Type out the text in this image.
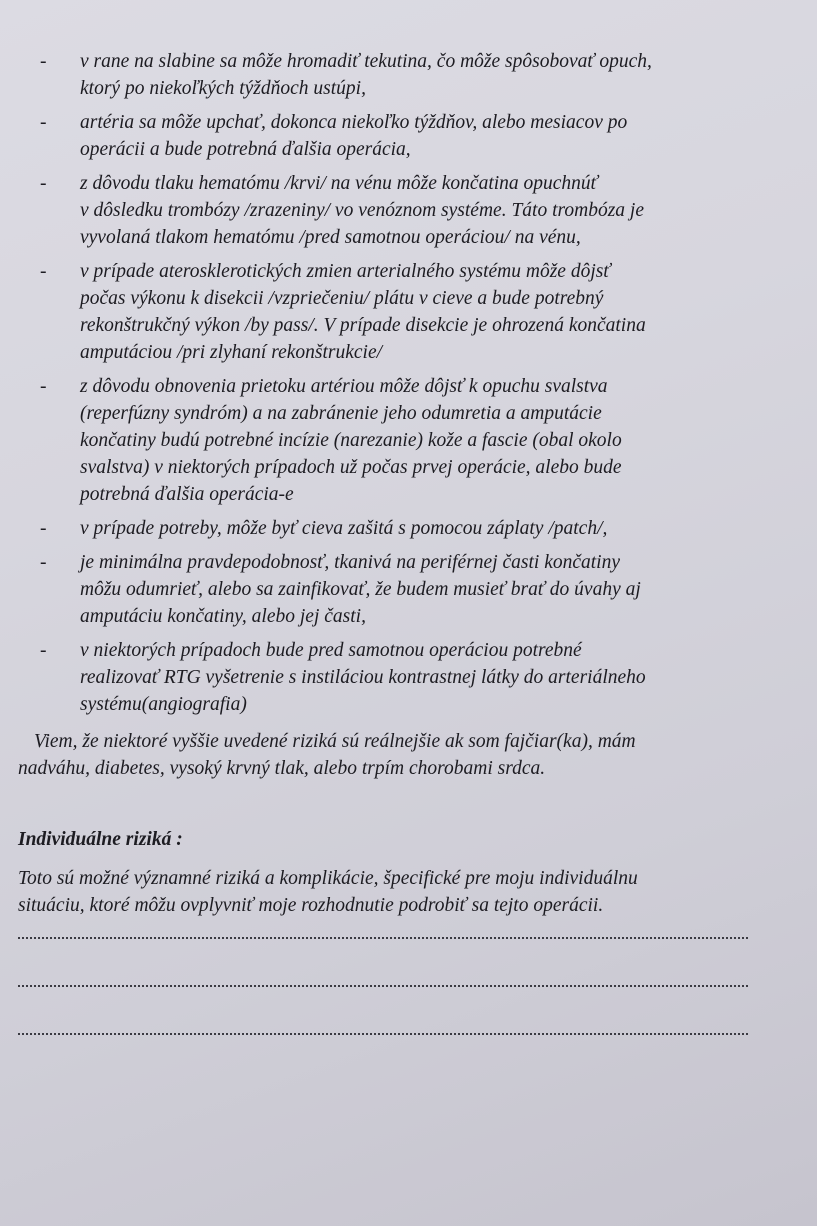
- v rane na slabine sa môže hromadiť tekutina, čo môže spôsobovať opuch,
ktorý po niekoľkých týždňoch ustúpi,
- artéria sa môže upchať, dokonca niekoľko týždňov, alebo mesiacov po
operácii a bude potrebná ďalšia operácia,
- z dôvodu tlaku hematómu /krvi/ na vénu môže končatina opuchnúť
v dôsledku trombózy /zrazeniny/ vo venóznom systéme. Táto trombóza je
vyvolaná tlakom hematómu /pred samotnou operáciou/ na vénu,
- v prípade aterosklerotických zmien arterialného systému môže dôjsť
počas výkonu k disekcii /vzpriečeniu/ plátu v cieve a bude potrebný
rekonštrukčný výkon /by pass/. V prípade disekcie je ohrozená končatina
amputáciou /pri zlyhaní rekonštrukcie/
- z dôvodu obnovenia prietoku artériou môže dôjsť k opuchu svalstva
(reperfúzny syndróm) a na zabránenie jeho odumretia a amputácie
končatiny budú potrebné incízie (narezanie) kože a fascie (obal okolo
svalstva) v niektorých prípadoch už počas prvej operácie, alebo bude
potrebná ďalšia operácia-e
- v prípade potreby, môže byť cieva zašitá s pomocou záplaty /patch/,
- je minimálna pravdepodobnosť, tkanivá na periférnej časti končatiny
môžu odumrieť, alebo sa zainfikovať, že budem musieť brať do úvahy aj
amputáciu končatiny, alebo jej časti,
- v niektorých prípadoch bude pred samotnou operáciou potrebné
realizovať RTG vyšetrenie s instiláciou kontrastnej látky do arteriálneho
systému(angiografia)

Viem, že niektoré vyššie uvedené riziká sú reálnejšie ak som fajčiar(ka), mám
nadváhu, diabetes, vysoký krvný tlak, alebo trpím chorobami srdca.

Individuálne riziká :

Toto sú možné významné riziká a komplikácie, špecifické pre moju individuálnu
situáciu, ktoré môžu ovplyvniť moje rozhodnutie podrobiť sa tejto operácii.
